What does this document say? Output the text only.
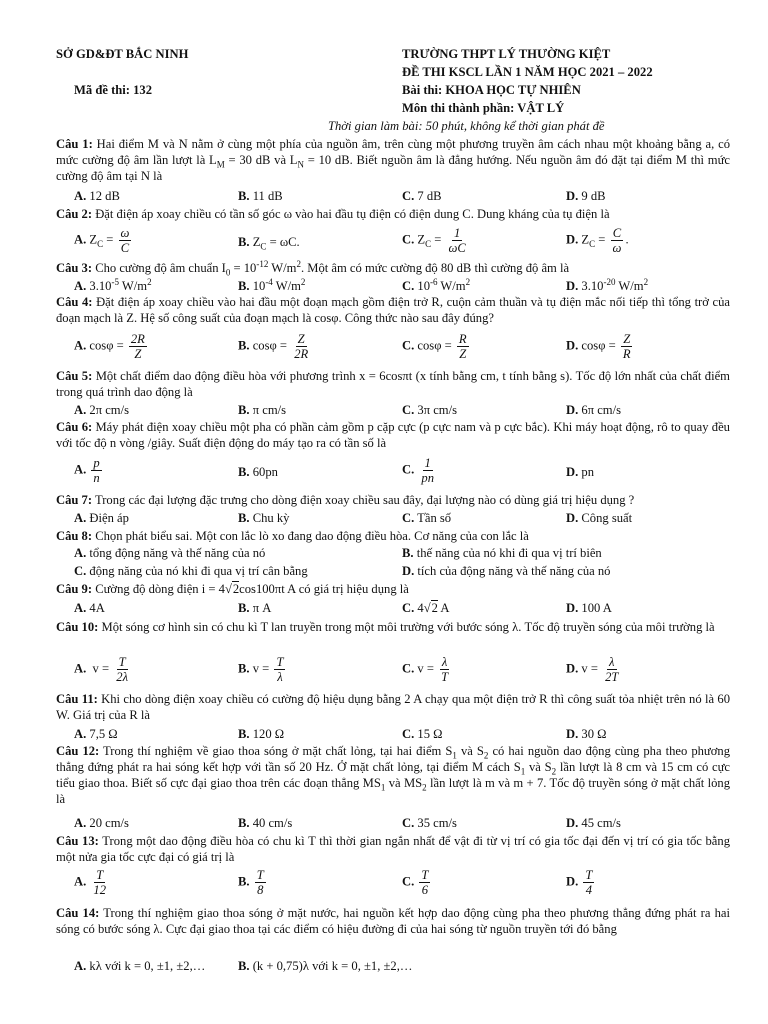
SỞ GD&ĐT BẮC NINH	TRƯỜNG THPT LÝ THƯỜNG KIỆT
ĐỀ THI KSCL LẦN 1 NĂM HỌC 2021 – 2022
Mã đề thi: 132	Bài thi: KHOA HỌC TỰ NHIÊN
Môn thi thành phần: VẬT LÝ
Thời gian làm bài: 50 phút, không kể thời gian phát đề
Câu 1: Hai điểm M và N nằm ở cùng một phía của nguồn âm, trên cùng một phương truyền âm cách nhau một khoảng bằng a, có mức cường độ âm lần lượt là $L_M = 30$ dB và $L_N = 10$ dB. Biết nguồn âm là đẳng hướng. Nếu nguồn âm đó đặt tại điểm M thì mức cường độ âm tại N là
A. 12 dB	B. 11 dB	C. 7 dB	D. 9 dB
Câu 2: Đặt điện áp xoay chiều có tần số góc ω vào hai đầu tụ điện có điện dung C. Dung kháng của tụ điện là
A. $Z_C = \frac{\omega}{C}$	B. $Z_C = \omega C$.	C. $Z_C = \frac{1}{\omega C}$	D. $Z_C = \frac{C}{\omega}$ .
Câu 3: Cho cường độ âm chuẩn $I_0 = 10^{-12}$ $W/m^2$. Một âm có mức cường độ 80 dB thì cường độ âm là
A. $3.10^{-5}$ $W/m^2$	B. $10^{-4}$ $W/m^2$	C. $10^{-6}$ $W/m^2$	D. $3.10^{-20}$ $W/m^2$
Câu 4: Đặt điện áp xoay chiều vào hai đầu một đoạn mạch gồm điện trở R, cuộn cảm thuần và tụ điện mắc nối tiếp thì tổng trở của đoạn mạch là Z. Hệ số công suất của đoạn mạch là cosφ. Công thức nào sau đây đúng?
A. $\cos\varphi = \frac{2R}{Z}$	B. $\cos\varphi = \frac{Z}{2R}$	C. $\cos\varphi = \frac{R}{Z}$	D. $\cos\varphi = \frac{Z}{R}$
Câu 5: Một chất điểm dao động điều hòa với phương trình x = 6cosπt (x tính bằng cm, t tính bằng s). Tốc độ lớn nhất của chất điểm trong quá trình dao động là
A. 2π cm/s	B. π cm/s	C. 3π cm/s	D. 6π cm/s
Câu 6: Máy phát điện xoay chiều một pha có phần cảm gồm p cặp cực (p cực nam và p cực bắc). Khi máy hoạt động, rô to quay đều với tốc độ n vòng /giây. Suất điện động do máy tạo ra có tần số là
A. $\frac{p}{n}$	B. 60pn	C. $\frac{1}{pn}$	D. pn
Câu 7: Trong các đại lượng đặc trưng cho dòng điện xoay chiều sau đây, đại lượng nào có dùng giá trị hiệu dụng ?
A. Điện áp	B. Chu kỳ	C. Tần số	D. Công suất
Câu 8: Chọn phát biểu sai. Một con lắc lò xo đang dao động điều hòa. Cơ năng của con lắc là
A. tổng động năng và thế năng của nó	B. thế năng của nó khi đi qua vị trí biên
C. động năng của nó khi đi qua vị trí cân bằng	D. tích của động năng và thế năng của nó
Câu 9: Cường độ dòng điện i = 4√2cos100πt A có giá trị hiệu dụng là
A. 4A	B. π A	C. 4√2 A	D. 100 A
Câu 10: Một sóng cơ hình sin có chu kì T lan truyền trong một môi trường với bước sóng λ. Tốc độ truyền sóng của môi trường là
A. $v = \frac{T}{2\lambda}$	B. $v = \frac{T}{\lambda}$	C. $v = \frac{\lambda}{T}$	D. $v = \frac{\lambda}{2T}$
Câu 11: Khi cho dòng điện xoay chiều có cường độ hiệu dụng bằng 2 A chạy qua một điện trở R thì công suất tỏa nhiệt trên nó là 60 W. Giá trị của R là
A. 7,5 Ω	B. 120 Ω	C. 15 Ω	D. 30 Ω
Câu 12: Trong thí nghiệm về giao thoa sóng ở mặt chất lỏng, tại hai điểm $S_1$ và $S_2$ có hai nguồn dao động cùng pha theo phương thẳng đứng phát ra hai sóng kết hợp với tần số 20 Hz. Ở mặt chất lỏng, tại điểm M cách $S_1$ và $S_2$ lần lượt là 8 cm và 15 cm có cực tiểu giao thoa. Biết số cực đại giao thoa trên các đoạn thẳng $MS_1$ và $MS_2$ lần lượt là m và m + 7. Tốc độ truyền sóng ở mặt chất lỏng là
A. 20 cm/s	B. 40 cm/s	C. 35 cm/s	D. 45 cm/s
Câu 13: Trong một dao động điều hòa có chu kì T thì thời gian ngắn nhất để vật đi từ vị trí có gia tốc đại đến vị trí có gia tốc bằng một nửa gia tốc cực đại có giá trị là
A. $\frac{T}{12}$	B. $\frac{T}{8}$	C. $\frac{T}{6}$	D. $\frac{T}{4}$
Câu 14: Trong thí nghiệm giao thoa sóng ở mặt nước, hai nguồn kết hợp dao động cùng pha theo phương thẳng đứng phát ra hai sóng có bước sóng λ. Cực đại giao thoa tại các điểm có hiệu đường đi của hai sóng từ nguồn truyền tới đó bằng
A. kλ với k = 0, ±1, ±2,…	B. (k + 0,75)λ với k = 0, ±1, ±2,…
